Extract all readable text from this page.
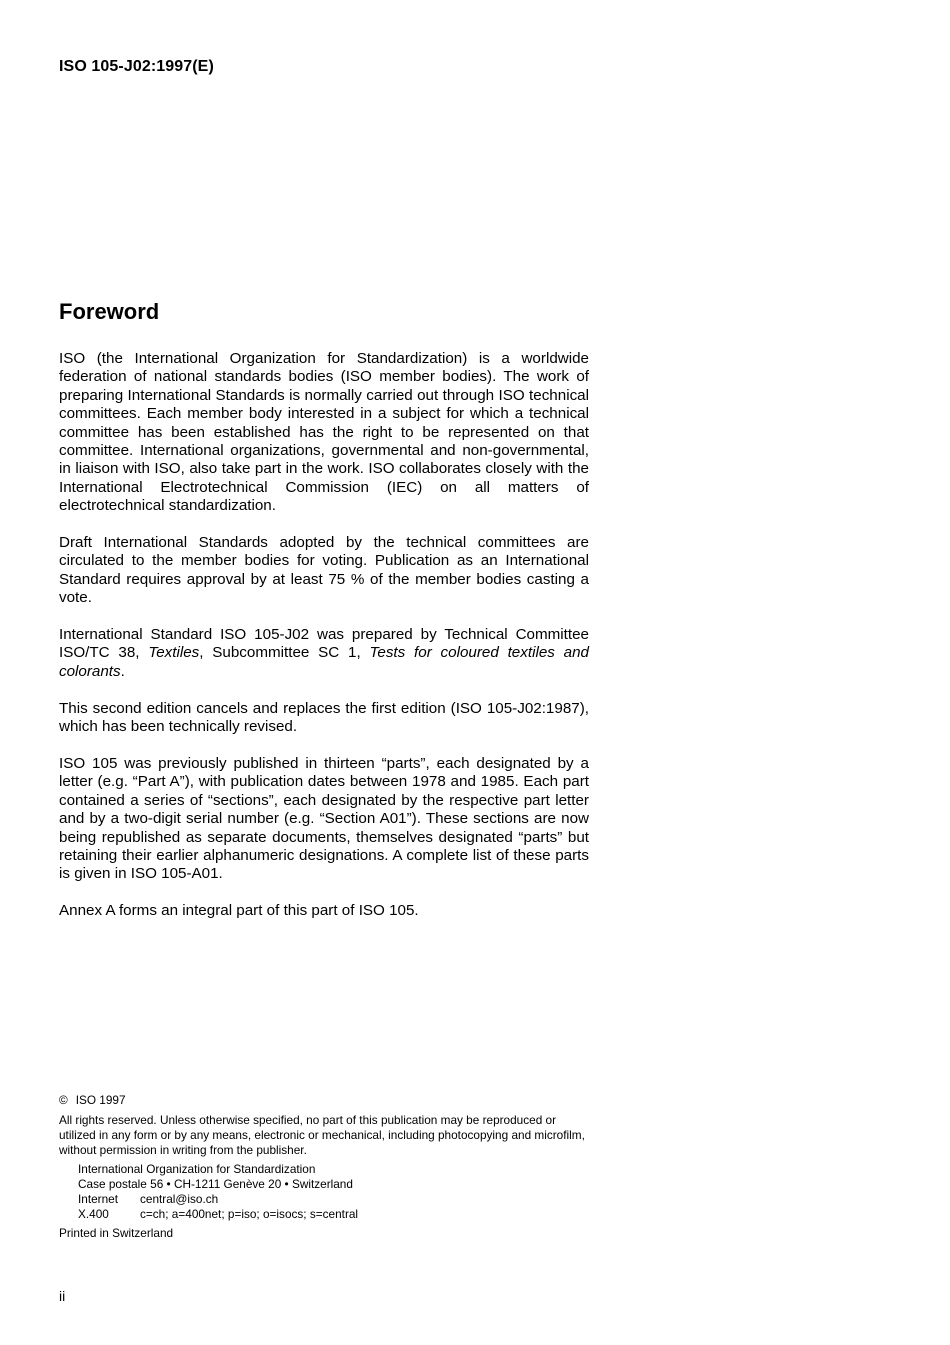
ISO 105-J02:1997(E)
Foreword

ISO (the International Organization for Standardization) is a worldwide federation of national standards bodies (ISO member bodies). The work of preparing International Standards is normally carried out through ISO technical committees. Each member body interested in a subject for which a technical committee has been established has the right to be represented on that committee. International organizations, governmental and non-governmental, in liaison with ISO, also take part in the work. ISO collaborates closely with the International Electrotechnical Commission (IEC) on all matters of electrotechnical standardization.

Draft International Standards adopted by the technical committees are circulated to the member bodies for voting. Publication as an International Standard requires approval by at least 75 % of the member bodies casting a vote.

International Standard ISO 105-J02 was prepared by Technical Committee ISO/TC 38, Textiles, Subcommittee SC 1, Tests for coloured textiles and colorants.

This second edition cancels and replaces the first edition (ISO 105-J02:1987), which has been technically revised.

ISO 105 was previously published in thirteen “parts”, each designated by a letter (e.g. “Part A”), with publication dates between 1978 and 1985. Each part contained a series of “sections”, each designated by the respective part letter and by a two-digit serial number (e.g. “Section A01”). These sections are now being republished as separate documents, themselves designated “parts” but retaining their earlier alphanumeric designations. A complete list of these parts is given in ISO 105-A01.

Annex A forms an integral part of this part of ISO 105.

© ISO 1997

All rights reserved. Unless otherwise specified, no part of this publication may be reproduced or utilized in any form or by any means, electronic or mechanical, including photocopying and microfilm, without permission in writing from the publisher.

International Organization for Standardization
Case postale 56 • CH-1211 Genève 20 • Switzerland
Internet	central@iso.ch
X.400	c=ch; a=400net; p=iso; o=isocs; s=central

Printed in Switzerland

ii
